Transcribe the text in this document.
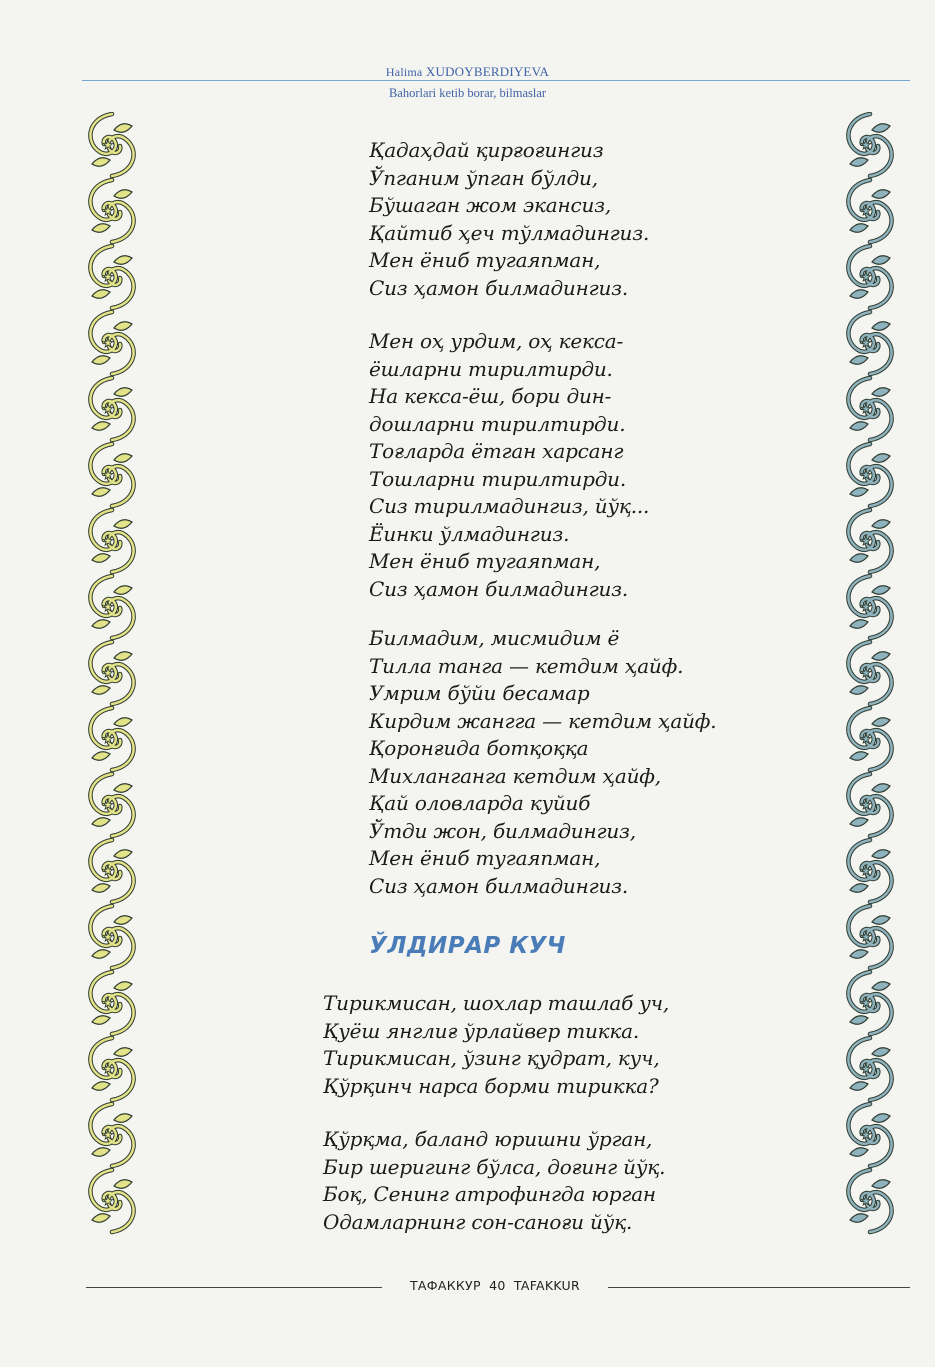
Halima XUDOYBERDIYEVA
Bahorlari ketib borar, bilmaslar
Қадаҳдай қирғоғингиз
Ўпганим ўпган бўлди,
Бўшаган жом экансиз,
Қайтиб ҳеч тўлмадингиз.
Мен ёниб тугаяпман,
Сиз ҳамон билмадингиз.
Мен оҳ урдим, оҳ кекса-
ёшларни тирилтирди.
На кекса-ёш, бори дин-
дошларни тирилтирди.
Тоғларда ётган харсанг
Тошларни тирилтирди.
Сиз тирилмадингиз, йўқ...
Ёинки ўлмадингиз.
Мен ёниб тугаяпман,
Сиз ҳамон билмадингиз.
Билмадим, мисмидим ё
Тилла танга — кетдим ҳайф.
Умрим бўйи бесамар
Кирдим жангга — кетдим ҳайф.
Қоронғида ботқоққа
Михланганга кетдим ҳайф,
Қай оловларда куйиб
Ўтди жон, билмадингиз,
Мен ёниб тугаяпман,
Сиз ҳамон билмадингиз.
ЎЛДИРАР КУЧ
Тирикмисан, шохлар ташлаб уч,
Қуёш янглиғ ўрлайвер тикка.
Тирикмисан, ўзинг қудрат, куч,
Қўрқинч нарса борми тирикка?
Қўрқма, баланд юришни ўрган,
Бир шеригинг бўлса, доғинг йўқ.
Боқ, Сенинг атрофингда юрган
Одамларнинг сон-саноғи йўқ.
ТАФАККУР 40 TAFAKKUR
